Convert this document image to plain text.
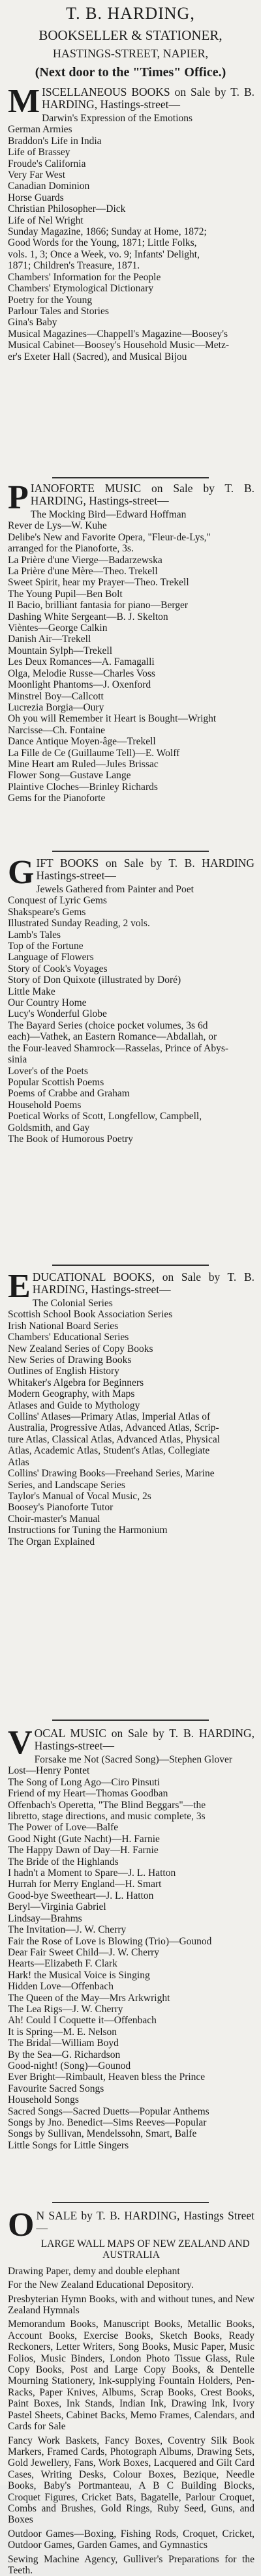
T. B. HARDING,
BOOKSELLER & STATIONER,
HASTINGS-STREET, NAPIER,
(Next door to the "Times" Office.)
M ISCELLANEOUS BOOKS on Sale by T. B. HARDING, Hastings-street—
Darwin's Expression of the Emotions
German Armies
Braddon's Life in India
Life of Brassey
Froude's California
Very Far West
Canadian Dominion
Horse Guards
Christian Philosopher—Dick
Life of Nel Wright
Sunday Magazine, 1866; Sunday at Home, 1872;
Good Words for the Young, 1871; Little Folks,
vols. 1, 3; Once a Week, vo. 9; Infants' Delight,
1871; Children's Treasure, 1871.
Chambers' Information for the People
Chambers' Etymological Dictionary
Poetry for the Young
Parlour Tales and Stories
Gina's Baby
Musical Magazines—Chappell's Magazine—Boosey's
Musical Cabinet—Boosey's Household Music—Metz-
er's Exeter Hall (Sacred), and Musical Bijou
P IANOFORTE MUSIC on Sale by T. B. HARDING, Hastings-street—
The Mocking Bird—Edward Hoffman
Rever de Lys—W. Kuhe
Delibe's New and Favorite Opera, "Fleur-de-Lys,"
arranged for the Pianoforte, 3s.
La Prière d'une Vierge—Badarzewska
La Prière d'une Mère—Theo. Trekell
Sweet Spirit, hear my Prayer—Theo. Trekell
The Young Pupil—Ben Bolt
Il Bacio, brilliant fantasia for piano—Berger
Dashing White Sergeant—B. J. Skelton
Vièntes—George Calkin
Danish Air—Trekell
Mountain Sylph—Trekell
Les Deux Romances—A. Famagalli
Olga, Melodie Russe—Charles Voss
Moonlight Phantoms—J. Oxenford
Minstrel Boy—Callcott
Lucrezia Borgia—Oury
Oh you will Remember it Heart is Bought—Wright
Narcisse—Ch. Fontaine
Dance Antique Moyen-âge—Trekell
La Fille de Ce (Guillaume Tell)—E. Wolff
Mine Heart am Ruled—Jules Brissac
Flower Song—Gustave Lange
Plaintive Cloches—Brinley Richards
Gems for the Pianoforte
G IFT BOOKS on Sale by T. B. HARDING Hastings-street—
Jewels Gathered from Painter and Poet
Conquest of Lyric Gems
Shakspeare's Gems
Illustrated Sunday Reading, 2 vols.
Lamb's Tales
Top of the Fortune
Language of Flowers
Story of Cook's Voyages
Story of Don Quixote (illustrated by Doré)
Little Make
Our Country Home
Lucy's Wonderful Globe
The Bayard Series (choice pocket volumes, 3s 6d
each)—Vathek, an Eastern Romance—Abdallah, or
the Four-leaved Shamrock—Rasselas, Prince of Abys-
sinia
Lover's of the Poets
Popular Scottish Poems
Poems of Crabbe and Graham
Household Poems
Poetical Works of Scott, Longfellow, Campbell,
Goldsmith, and Gay
The Book of Humorous Poetry
E DUCATIONAL BOOKS, on Sale by T. B. HARDING, Hastings-street—
The Colonial Series
Scottish School Book Association Series
Irish National Board Series
Chambers' Educational Series
New Zealand Series of Copy Books
New Series of Drawing Books
Outlines of English History
Whitaker's Algebra for Beginners
Modern Geography, with Maps
Atlases and Guide to Mythology
Collins' Atlases—Primary Atlas, Imperial Atlas of
Australia, Progressive Atlas, Advanced Atlas, Scrip-
ture Atlas, Classical Atlas, Advanced Atlas, Physical
Atlas, Academic Atlas, Student's Atlas, Collegiate
Atlas
Collins' Drawing Books—Freehand Series, Marine
Series, and Landscape Series
Taylor's Manual of Vocal Music, 2s
Boosey's Pianoforte Tutor
Choir-master's Manual
Instructions for Tuning the Harmonium
The Organ Explained
V OCAL MUSIC on Sale by T. B. HARDING, Hastings-street—
Forsake me Not (Sacred Song)—Stephen Glover
Lost—Henry Pontet
The Song of Long Ago—Ciro Pinsuti
Friend of my Heart—Thomas Goodban
Offenbach's Operetta, "The Blind Beggars"—the
libretto, stage directions, and music complete, 3s
The Power of Love—Balfe
Good Night (Gute Nacht)—H. Farnie
The Happy Dawn of Day—H. Farnie
The Bride of the Highlands
I hadn't a Moment to Spare—J. L. Hatton
Hurrah for Merry England—H. Smart
Good-bye Sweetheart—J. L. Hatton
Beryl—Virginia Gabriel
Lindsay—Brahms
The Invitation—J. W. Cherry
Fair the Rose of Love is Blowing (Trio)—Gounod
Dear Fair Sweet Child—J. W. Cherry
Hearts—Elizabeth F. Clark
Hark! the Musical Voice is Singing
Hidden Love—Offenbach
The Queen of the May—Mrs Arkwright
The Lea Rigs—J. W. Cherry
Ah! Could I Coquette it—Offenbach
It is Spring—M. E. Nelson
The Bridal—William Boyd
By the Sea—G. Richardson
Good-night! (Song)—Gounod
Ever Bright—Rimbault, Heaven bless the Prince
Favourite Sacred Songs
Household Songs
Sacred Songs—Sacred Duetts—Popular Anthems
Songs by Jno. Benedict—Sims Reeves—Popular
Songs by Sullivan, Mendelssohn, Smart, Balfe
Little Songs for Little Singers
O N SALE by T. B. HARDING, Hastings Street—
LARGE WALL MAPS OF NEW ZEALAND AND AUSTRALIA
Drawing Paper, demy and double elephant
For the New Zealand Educational Depository.
Presbyterian Hymn Books, with and without tunes, and New Zealand Hymnals
Memorandum Books, Manuscript Books, Metallic Books, Account Books, Exercise Books, Sketch Books, Ready Reckoners, Letter Writers, Song Books, Music Paper, Music Folios, Music Binders, London Photo Tissue Glass, Rule Copy Books, Post and Large Copy Books, & Dentelle Mourning Stationery, Ink-supplying Fountain Holders, Pen-Racks, Paper Knives, Albums, Scrap Books, Crest Books, Paint Boxes, Ink Stands, Indian Ink, Drawing Ink, Ivory Pastel Sheets, Cabinet Backs, Memo Frames, Calendars, and Cards for Sale
Fancy Work Baskets, Fancy Boxes, Coventry Silk Book Markers, Framed Cards, Photograph Albums, Drawing Sets, Gold Jewellery, Fans, Work Boxes, Lacquered and Gilt Card Cases, Writing Desks, Colour Boxes, Bezique, Needle Books, Baby's Portmanteau, A B C Building Blocks, Croquet Figures, Cricket Bats, Bagatelle, Parlour Croquet, Combs and Brushes, Gold Rings, Ruby Seed, Guns, and Boxes
Outdoor Games—Boxing, Fishing Rods, Croquet, Cricket, Outdoor Games, Garden Games, and Gymnastics
Sewing Machine Agency, Gulliver's Preparations for the Teeth.
